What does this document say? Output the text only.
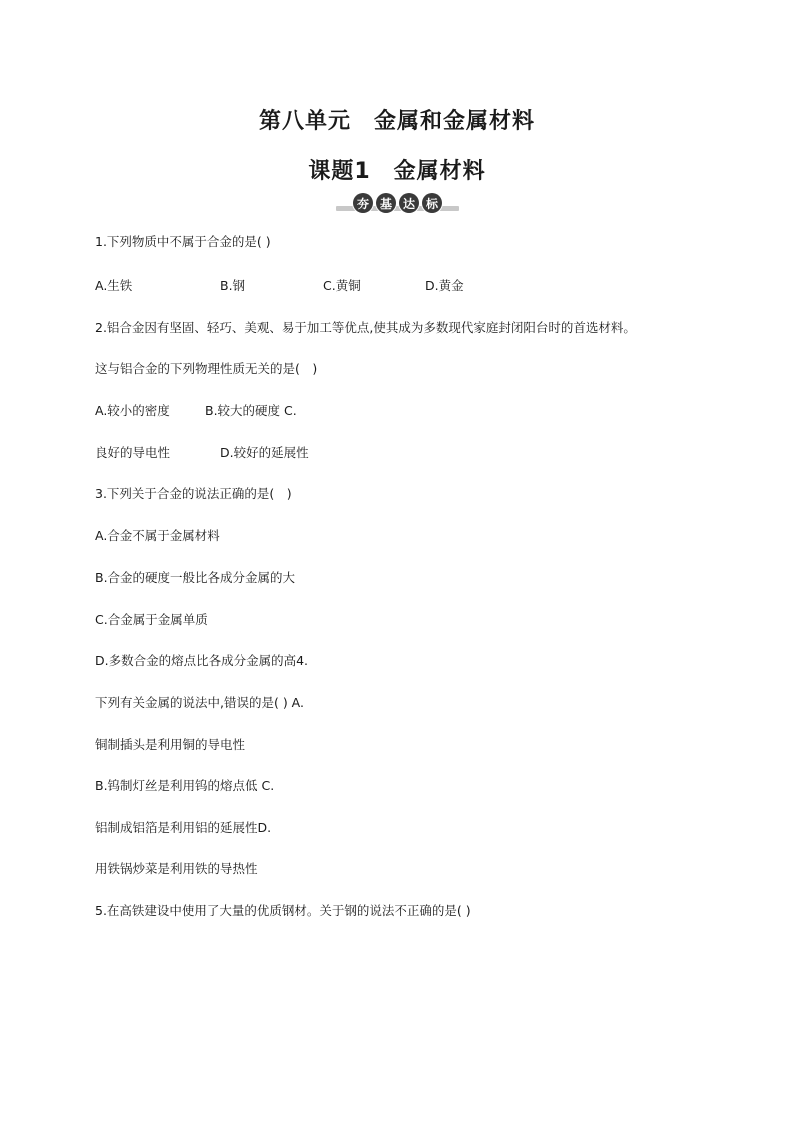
第八单元　金属和金属材料
课题1　金属材料
夯 基 达 标
1.下列物质中不属于合金的是( )
A.生铁	B.钢	C.黄铜	D.黄金
2.铝合金因有坚固、轻巧、美观、易于加工等优点,使其成为多数现代家庭封闭阳台时的首选材料。
这与铝合金的下列物理性质无关的是(　)
A.较小的密度	B.较大的硬度 C.
良好的导电性	D.较好的延展性
3.下列关于合金的说法正确的是(　)
A.合金不属于金属材料
B.合金的硬度一般比各成分金属的大
C.合金属于金属单质
D.多数合金的熔点比各成分金属的高4.
下列有关金属的说法中,错误的是( ) A.
铜制插头是利用铜的导电性
B.钨制灯丝是利用钨的熔点低 C.
铝制成铝箔是利用铝的延展性D.
用铁锅炒菜是利用铁的导热性
5.在高铁建设中使用了大量的优质钢材。关于钢的说法不正确的是( )
